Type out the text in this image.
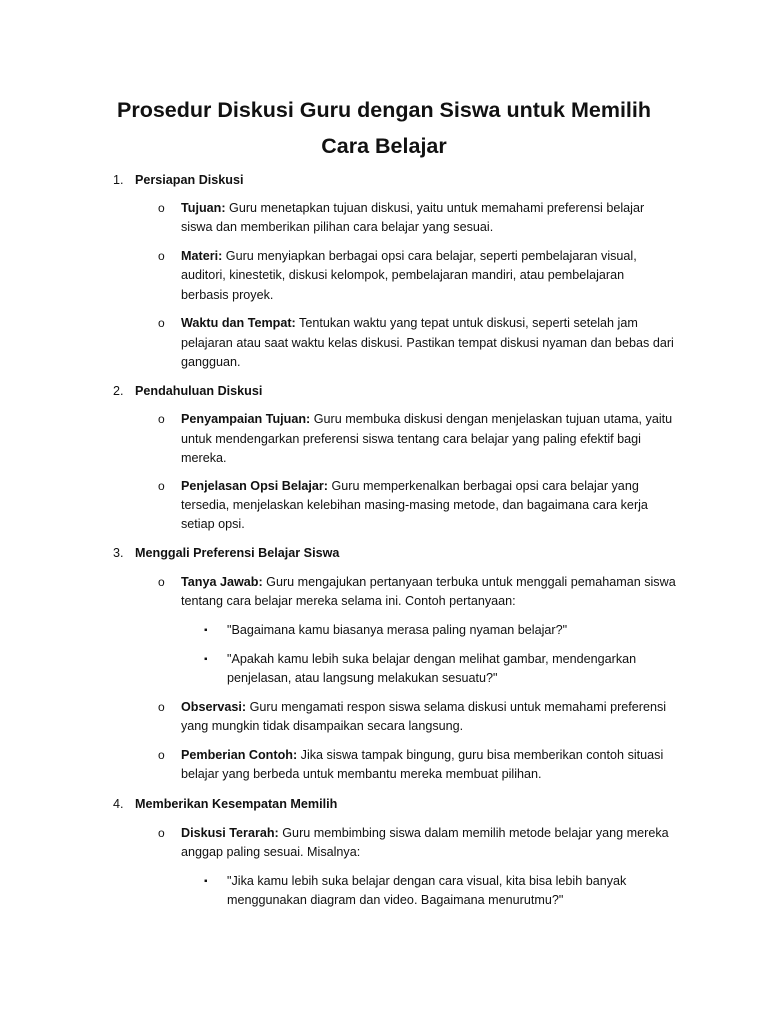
Prosedur Diskusi Guru dengan Siswa untuk Memilih Cara Belajar
1. Persiapan Diskusi
o Tujuan: Guru menetapkan tujuan diskusi, yaitu untuk memahami preferensi belajar
siswa dan memberikan pilihan cara belajar yang sesuai.
o Materi: Guru menyiapkan berbagai opsi cara belajar, seperti pembelajaran visual,
auditori, kinestetik, diskusi kelompok, pembelajaran mandiri, atau pembelajaran
berbasis proyek.
o Waktu dan Tempat: Tentukan waktu yang tepat untuk diskusi, seperti setelah jam
pelajaran atau saat waktu kelas diskusi. Pastikan tempat diskusi nyaman dan bebas dari
gangguan.
2. Pendahuluan Diskusi
o Penyampaian Tujuan: Guru membuka diskusi dengan menjelaskan tujuan utama, yaitu
untuk mendengarkan preferensi siswa tentang cara belajar yang paling efektif bagi
mereka.
o Penjelasan Opsi Belajar: Guru memperkenalkan berbagai opsi cara belajar yang
tersedia, menjelaskan kelebihan masing-masing metode, dan bagaimana cara kerja
setiap opsi.
3. Menggali Preferensi Belajar Siswa
o Tanya Jawab: Guru mengajukan pertanyaan terbuka untuk menggali pemahaman siswa
tentang cara belajar mereka selama ini. Contoh pertanyaan:
▪ "Bagaimana kamu biasanya merasa paling nyaman belajar?"
▪ "Apakah kamu lebih suka belajar dengan melihat gambar, mendengarkan
penjelasan, atau langsung melakukan sesuatu?"
o Observasi: Guru mengamati respon siswa selama diskusi untuk memahami preferensi
yang mungkin tidak disampaikan secara langsung.
o Pemberian Contoh: Jika siswa tampak bingung, guru bisa memberikan contoh situasi
belajar yang berbeda untuk membantu mereka membuat pilihan.
4. Memberikan Kesempatan Memilih
o Diskusi Terarah: Guru membimbing siswa dalam memilih metode belajar yang mereka
anggap paling sesuai. Misalnya:
▪ "Jika kamu lebih suka belajar dengan cara visual, kita bisa lebih banyak
menggunakan diagram dan video. Bagaimana menurutmu?"
